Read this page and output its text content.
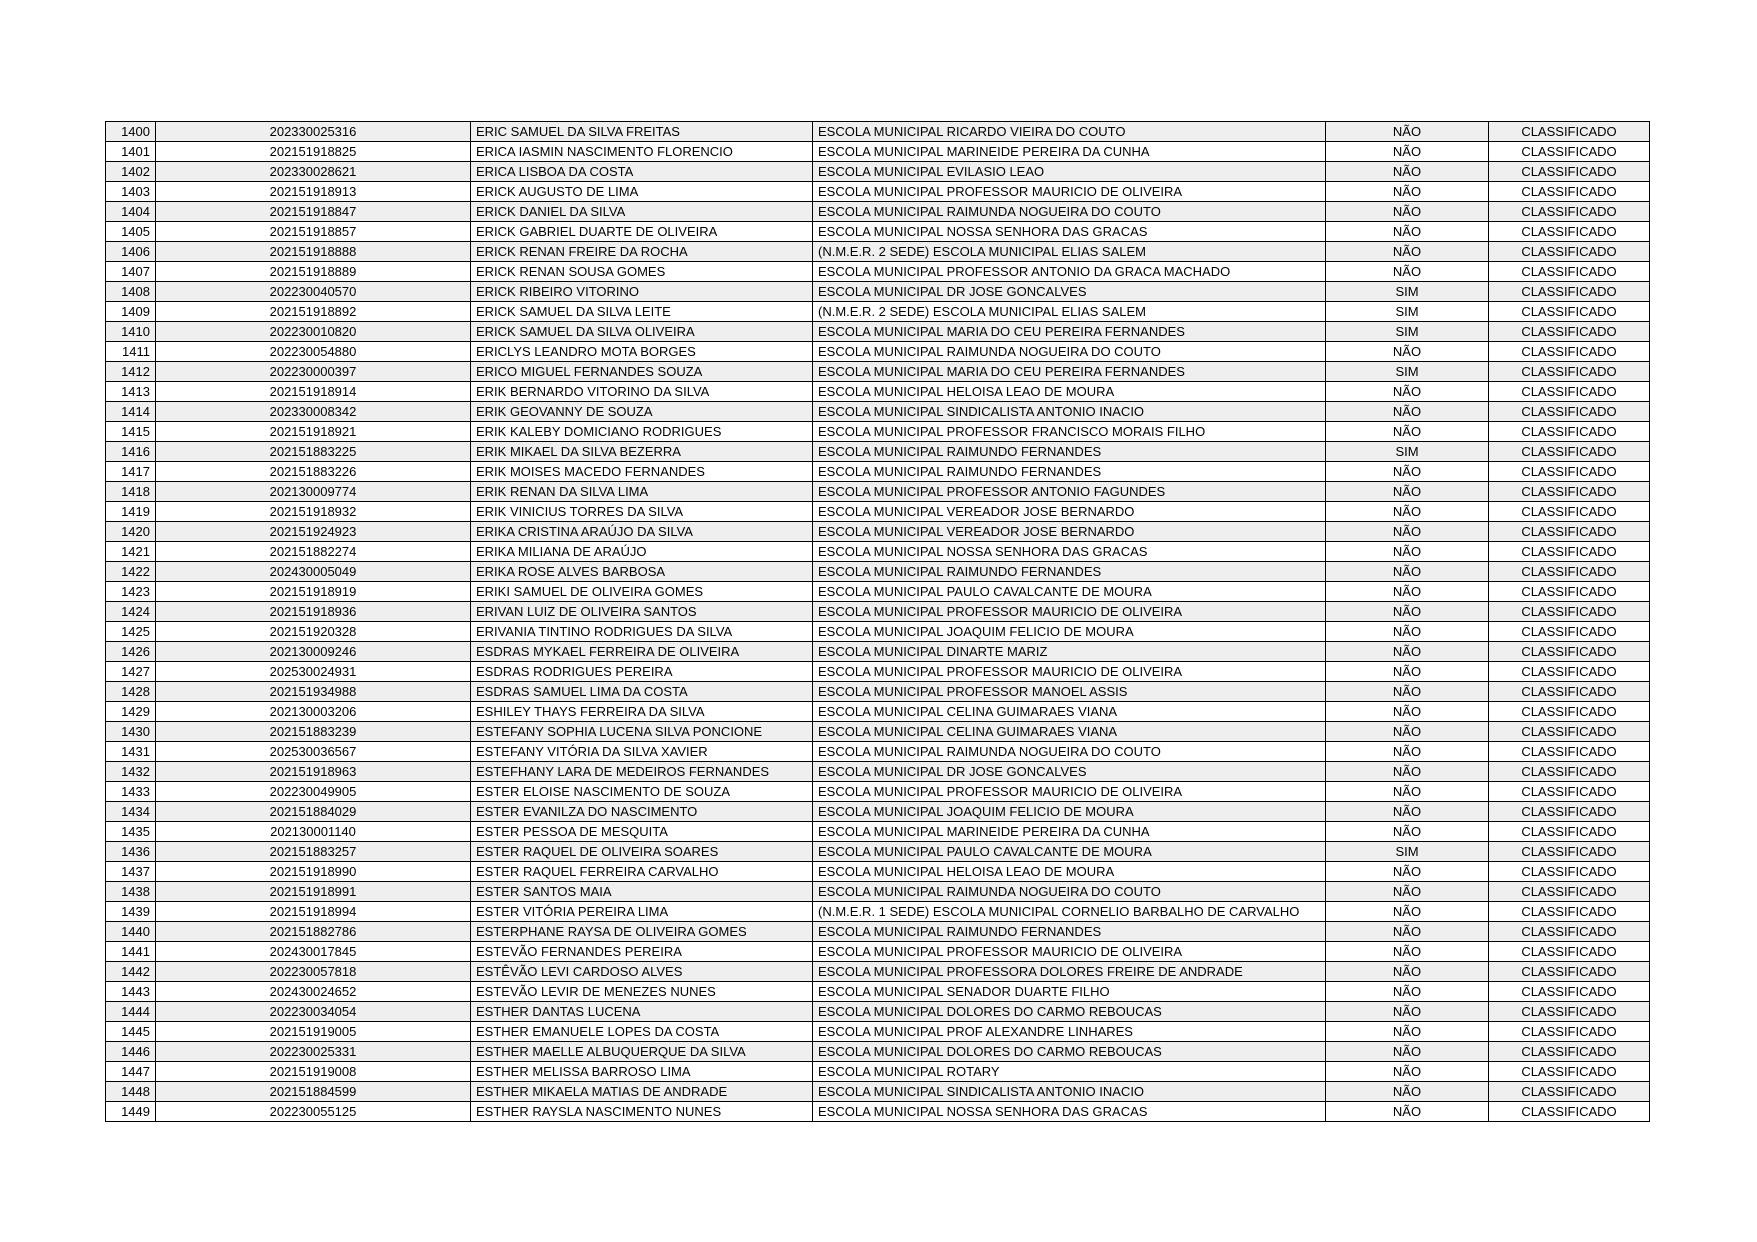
1400	202330025316	ERIC SAMUEL DA SILVA FREITAS	ESCOLA MUNICIPAL RICARDO VIEIRA DO COUTO	NÃO	CLASSIFICADO
1401	202151918825	ERICA IASMIN NASCIMENTO FLORENCIO	ESCOLA MUNICIPAL MARINEIDE PEREIRA DA CUNHA	NÃO	CLASSIFICADO
1402	202330028621	ERICA LISBOA DA COSTA	ESCOLA MUNICIPAL EVILASIO LEAO	NÃO	CLASSIFICADO
1403	202151918913	ERICK AUGUSTO DE LIMA	ESCOLA MUNICIPAL PROFESSOR MAURICIO DE OLIVEIRA	NÃO	CLASSIFICADO
1404	202151918847	ERICK DANIEL DA SILVA	ESCOLA MUNICIPAL RAIMUNDA NOGUEIRA DO COUTO	NÃO	CLASSIFICADO
1405	202151918857	ERICK GABRIEL DUARTE DE OLIVEIRA	ESCOLA MUNICIPAL NOSSA SENHORA DAS GRACAS	NÃO	CLASSIFICADO
1406	202151918888	ERICK RENAN FREIRE DA ROCHA	(N.M.E.R. 2 SEDE) ESCOLA MUNICIPAL ELIAS SALEM	NÃO	CLASSIFICADO
1407	202151918889	ERICK RENAN SOUSA GOMES	ESCOLA MUNICIPAL PROFESSOR ANTONIO DA GRACA MACHADO	NÃO	CLASSIFICADO
1408	202230040570	ERICK RIBEIRO VITORINO	ESCOLA MUNICIPAL DR JOSE GONCALVES	SIM	CLASSIFICADO
1409	202151918892	ERICK SAMUEL DA SILVA LEITE	(N.M.E.R. 2 SEDE) ESCOLA MUNICIPAL ELIAS SALEM	SIM	CLASSIFICADO
1410	202230010820	ERICK SAMUEL DA SILVA OLIVEIRA	ESCOLA MUNICIPAL MARIA DO CEU PEREIRA FERNANDES	SIM	CLASSIFICADO
1411	202230054880	ERICLYS LEANDRO MOTA BORGES	ESCOLA MUNICIPAL RAIMUNDA NOGUEIRA DO COUTO	NÃO	CLASSIFICADO
1412	202230000397	ERICO MIGUEL FERNANDES SOUZA	ESCOLA MUNICIPAL MARIA DO CEU PEREIRA FERNANDES	SIM	CLASSIFICADO
1413	202151918914	ERIK BERNARDO VITORINO DA SILVA	ESCOLA MUNICIPAL HELOISA LEAO DE MOURA	NÃO	CLASSIFICADO
1414	202330008342	ERIK GEOVANNY DE SOUZA	ESCOLA MUNICIPAL SINDICALISTA ANTONIO INACIO	NÃO	CLASSIFICADO
1415	202151918921	ERIK KALEBY DOMICIANO RODRIGUES	ESCOLA MUNICIPAL PROFESSOR FRANCISCO MORAIS FILHO	NÃO	CLASSIFICADO
1416	202151883225	ERIK MIKAEL DA SILVA BEZERRA	ESCOLA MUNICIPAL RAIMUNDO FERNANDES	SIM	CLASSIFICADO
1417	202151883226	ERIK MOISES MACEDO FERNANDES	ESCOLA MUNICIPAL RAIMUNDO FERNANDES	NÃO	CLASSIFICADO
1418	202130009774	ERIK RENAN DA SILVA LIMA	ESCOLA MUNICIPAL PROFESSOR ANTONIO FAGUNDES	NÃO	CLASSIFICADO
1419	202151918932	ERIK VINICIUS TORRES DA SILVA	ESCOLA MUNICIPAL VEREADOR JOSE BERNARDO	NÃO	CLASSIFICADO
1420	202151924923	ERIKA CRISTINA ARAÚJO DA SILVA	ESCOLA MUNICIPAL VEREADOR JOSE BERNARDO	NÃO	CLASSIFICADO
1421	202151882274	ERIKA MILIANA DE ARAÚJO	ESCOLA MUNICIPAL NOSSA SENHORA DAS GRACAS	NÃO	CLASSIFICADO
1422	202430005049	ERIKA ROSE ALVES BARBOSA	ESCOLA MUNICIPAL RAIMUNDO FERNANDES	NÃO	CLASSIFICADO
1423	202151918919	ERIKI SAMUEL DE OLIVEIRA GOMES	ESCOLA MUNICIPAL PAULO CAVALCANTE DE MOURA	NÃO	CLASSIFICADO
1424	202151918936	ERIVAN LUIZ DE OLIVEIRA SANTOS	ESCOLA MUNICIPAL PROFESSOR MAURICIO DE OLIVEIRA	NÃO	CLASSIFICADO
1425	202151920328	ERIVANIA TINTINO RODRIGUES DA SILVA	ESCOLA MUNICIPAL JOAQUIM FELICIO DE MOURA	NÃO	CLASSIFICADO
1426	202130009246	ESDRAS MYKAEL FERREIRA DE OLIVEIRA	ESCOLA MUNICIPAL DINARTE MARIZ	NÃO	CLASSIFICADO
1427	202530024931	ESDRAS RODRIGUES PEREIRA	ESCOLA MUNICIPAL PROFESSOR MAURICIO DE OLIVEIRA	NÃO	CLASSIFICADO
1428	202151934988	ESDRAS SAMUEL LIMA DA COSTA	ESCOLA MUNICIPAL PROFESSOR MANOEL ASSIS	NÃO	CLASSIFICADO
1429	202130003206	ESHILEY THAYS FERREIRA DA SILVA	ESCOLA MUNICIPAL CELINA GUIMARAES VIANA	NÃO	CLASSIFICADO
1430	202151883239	ESTEFANY SOPHIA LUCENA SILVA PONCIONE	ESCOLA MUNICIPAL CELINA GUIMARAES VIANA	NÃO	CLASSIFICADO
1431	202530036567	ESTEFANY VITÓRIA DA SILVA XAVIER	ESCOLA MUNICIPAL RAIMUNDA NOGUEIRA DO COUTO	NÃO	CLASSIFICADO
1432	202151918963	ESTEFHANY LARA DE MEDEIROS FERNANDES	ESCOLA MUNICIPAL DR JOSE GONCALVES	NÃO	CLASSIFICADO
1433	202230049905	ESTER ELOISE NASCIMENTO DE SOUZA	ESCOLA MUNICIPAL PROFESSOR MAURICIO DE OLIVEIRA	NÃO	CLASSIFICADO
1434	202151884029	ESTER EVANILZA DO NASCIMENTO	ESCOLA MUNICIPAL JOAQUIM FELICIO DE MOURA	NÃO	CLASSIFICADO
1435	202130001140	ESTER PESSOA DE MESQUITA	ESCOLA MUNICIPAL MARINEIDE PEREIRA DA CUNHA	NÃO	CLASSIFICADO
1436	202151883257	ESTER RAQUEL DE OLIVEIRA SOARES	ESCOLA MUNICIPAL PAULO CAVALCANTE DE MOURA	SIM	CLASSIFICADO
1437	202151918990	ESTER RAQUEL FERREIRA CARVALHO	ESCOLA MUNICIPAL HELOISA LEAO DE MOURA	NÃO	CLASSIFICADO
1438	202151918991	ESTER SANTOS MAIA	ESCOLA MUNICIPAL RAIMUNDA NOGUEIRA DO COUTO	NÃO	CLASSIFICADO
1439	202151918994	ESTER VITÓRIA PEREIRA LIMA	(N.M.E.R. 1 SEDE) ESCOLA MUNICIPAL CORNELIO BARBALHO DE CARVALHO	NÃO	CLASSIFICADO
1440	202151882786	ESTERPHANE RAYSA DE OLIVEIRA GOMES	ESCOLA MUNICIPAL RAIMUNDO FERNANDES	NÃO	CLASSIFICADO
1441	202430017845	ESTEVÃO FERNANDES PEREIRA	ESCOLA MUNICIPAL PROFESSOR MAURICIO DE OLIVEIRA	NÃO	CLASSIFICADO
1442	202230057818	ESTÊVÃO LEVI CARDOSO ALVES	ESCOLA MUNICIPAL PROFESSORA DOLORES FREIRE DE ANDRADE	NÃO	CLASSIFICADO
1443	202430024652	ESTEVÃO LEVIR DE MENEZES NUNES	ESCOLA MUNICIPAL SENADOR DUARTE FILHO	NÃO	CLASSIFICADO
1444	202230034054	ESTHER DANTAS LUCENA	ESCOLA MUNICIPAL DOLORES DO CARMO REBOUCAS	NÃO	CLASSIFICADO
1445	202151919005	ESTHER EMANUELE LOPES DA COSTA	ESCOLA MUNICIPAL PROF ALEXANDRE LINHARES	NÃO	CLASSIFICADO
1446	202230025331	ESTHER MAELLE ALBUQUERQUE DA SILVA	ESCOLA MUNICIPAL DOLORES DO CARMO REBOUCAS	NÃO	CLASSIFICADO
1447	202151919008	ESTHER MELISSA BARROSO LIMA	ESCOLA MUNICIPAL ROTARY	NÃO	CLASSIFICADO
1448	202151884599	ESTHER MIKAELA MATIAS DE ANDRADE	ESCOLA MUNICIPAL SINDICALISTA ANTONIO INACIO	NÃO	CLASSIFICADO
1449	202230055125	ESTHER RAYSLA NASCIMENTO NUNES	ESCOLA MUNICIPAL NOSSA SENHORA DAS GRACAS	NÃO	CLASSIFICADO
